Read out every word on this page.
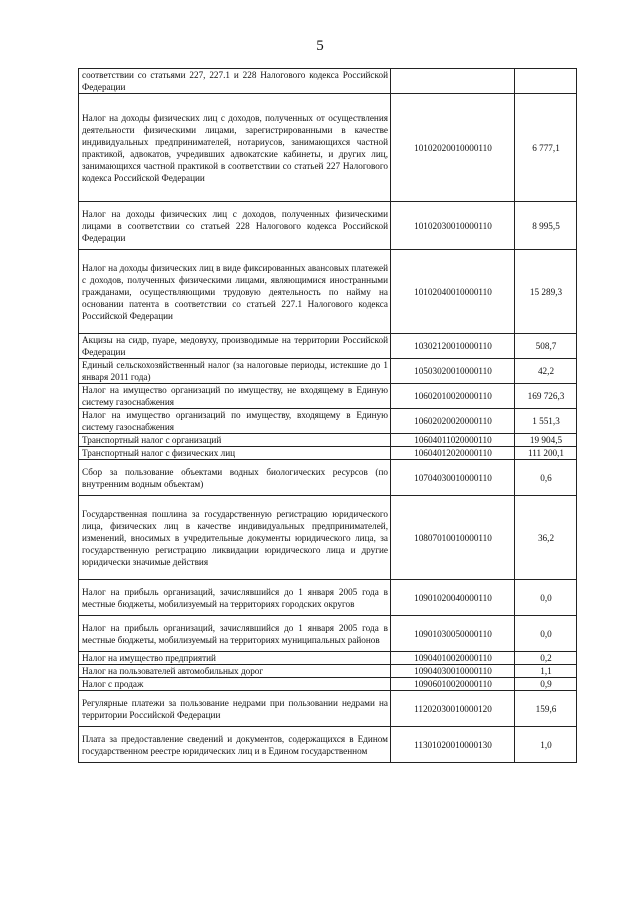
5
соответствии со статьями 227, 227.1 и 228 Налогового кодекса Российской Федерации		
Налог на доходы физических лиц с доходов, полученных от осуществления деятельности физическими лицами, зарегистрированными в качестве индивидуальных предпринимателей, нотариусов, занимающихся частной практикой, адвокатов, учредивших адвокатские кабинеты, и других лиц, занимающихся частной практикой в соответствии со статьей 227 Налогового кодекса Российской Федерации	10102020010000110	6 777,1
Налог на доходы физических лиц с доходов, полученных физическими лицами в соответствии со статьей 228 Налогового кодекса Российской Федерации	10102030010000110	8 995,5
Налог на доходы физических лиц в виде фиксированных авансовых платежей с доходов, полученных физическими лицами, являющимися иностранными гражданами, осуществляющими трудовую деятельность по найму на основании патента в соответствии со статьей 227.1 Налогового кодекса Российской Федерации	10102040010000110	15 289,3
Акцизы на сидр, пуаре, медовуху, производимые на территории Российской Федерации	10302120010000110	508,7
Единый сельскохозяйственный налог (за налоговые периоды, истекшие до 1 января 2011 года)	10503020010000110	42,2
Налог на имущество организаций по имуществу, не входящему в Единую систему газоснабжения	10602010020000110	169 726,3
Налог на имущество организаций по имуществу, входящему в Единую систему газоснабжения	10602020020000110	1 551,3
Транспортный налог с организаций	10604011020000110	19 904,5
Транспортный налог с физических лиц	10604012020000110	111 200,1
Сбор за пользование объектами водных биологических ресурсов (по внутренним водным объектам)	10704030010000110	0,6
Государственная пошлина за государственную регистрацию юридического лица, физических лиц в качестве индивидуальных предпринимателей, изменений, вносимых в учредительные документы юридического лица, за государственную регистрацию ликвидации юридического лица и другие юридически значимые действия	10807010010000110	36,2
Налог на прибыль организаций, зачислявшийся до 1 января 2005 года в местные бюджеты, мобилизуемый на территориях городских округов	10901020040000110	0,0
Налог на прибыль организаций, зачислявшийся до 1 января 2005 года в местные бюджеты, мобилизуемый на территориях муниципальных районов	10901030050000110	0,0
Налог на имущество предприятий	10904010020000110	0,2
Налог на пользователей автомобильных дорог	10904030010000110	1,1
Налог с продаж	10906010020000110	0,9
Регулярные платежи за пользование недрами при пользовании недрами на территории Российской Федерации	11202030010000120	159,6
Плата за предоставление сведений и документов, содержащихся в Едином государственном реестре юридических лиц и в Едином государственном	11301020010000130	1,0
